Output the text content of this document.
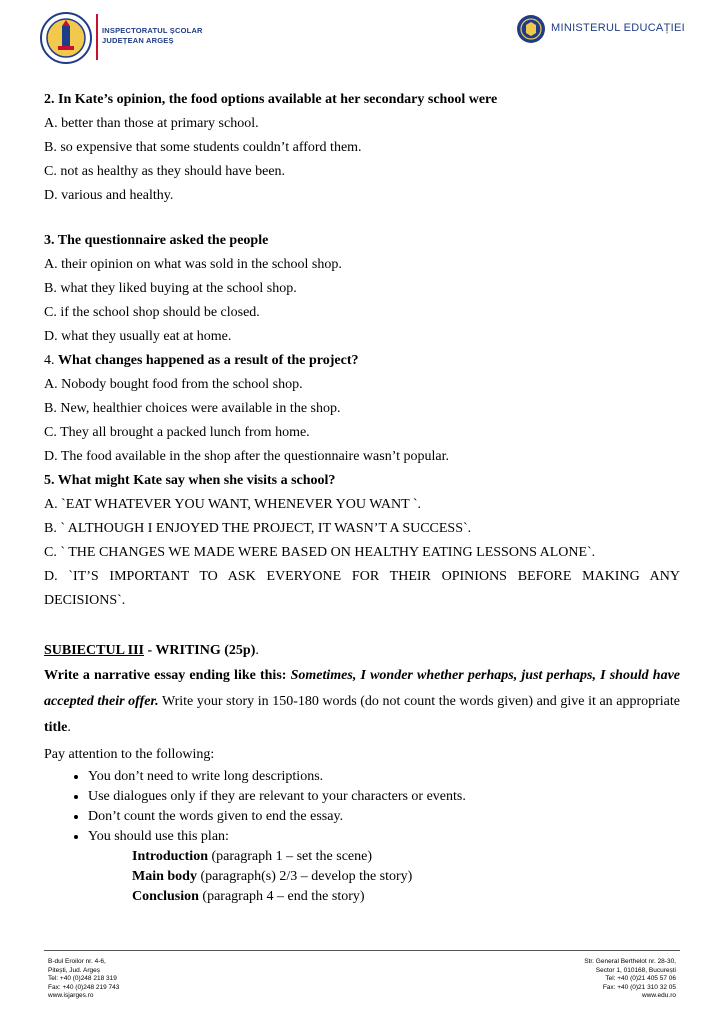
INSPECTORATUL ȘCOLAR
JUDEȚEAN ARGEȘ
MINISTERUL EDUCAȚIEI
2. In Kate’s opinion, the food options available at her secondary school were
A. better than those at primary school.
B. so expensive that some students couldn’t afford them.
C. not as healthy as they should have been.
D. various and healthy.
3. The questionnaire asked the people
A. their opinion on what was sold in the school shop.
B. what they liked buying at the school shop.
C. if the school shop should be closed.
D. what they usually eat at home.
4. What changes happened as a result of the project?
A. Nobody bought food from the school shop.
B. New, healthier choices were available in the shop.
C. They all brought a packed lunch from home.
D. The food available in the shop after the questionnaire wasn’t popular.
5. What might Kate say when she visits a school?
A. `EAT WHATEVER YOU WANT, WHENEVER YOU WANT `.
B. ` ALTHOUGH I ENJOYED THE PROJECT, IT WASN’T A SUCCESS`.
C. ` THE CHANGES WE MADE WERE BASED ON HEALTHY EATING LESSONS ALONE`.
D. `IT’S IMPORTANT TO ASK EVERYONE FOR THEIR OPINIONS BEFORE MAKING ANY DECISIONS`.
SUBIECTUL III - WRITING (25p).
Write a narrative essay ending like this: Sometimes, I wonder whether perhaps, just perhaps, I should have accepted their offer. Write your story in 150-180 words (do not count the words given) and give it an appropriate title.
Pay attention to the following:
• You don’t need to write long descriptions.
• Use dialogues only if they are relevant to your characters or events.
• Don’t count the words given to end the essay.
• You should use this plan:
Introduction (paragraph 1 – set the scene)
Main body (paragraph(s) 2/3 – develop the story)
Conclusion (paragraph 4 – end the story)
B-dul Eroilor nr. 4-6,
Pitești, Jud. Argeș
Tel: +40 (0)248 218 319
Fax: +40 (0)248 219 743
www.isjarges.ro
Str. General Berthelot nr. 28-30,
Sector 1, 010168, București
Tel: +40 (0)21 405 57 06
Fax: +40 (0)21 310 32 05
www.edu.ro
